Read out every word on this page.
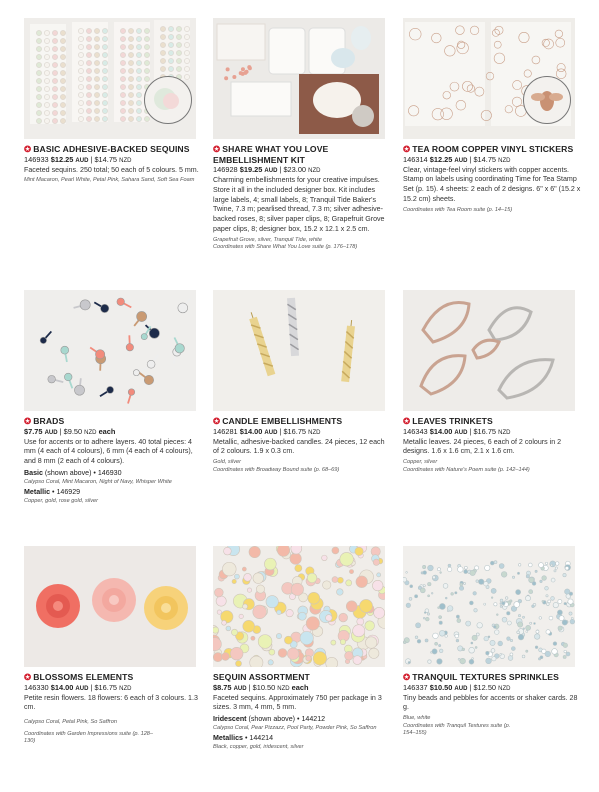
✪ BASIC ADHESIVE-BACKED SEQUINS
146933 $12.25 AUD | $14.75 NZD
Faceted sequins. 250 total; 50 each of 5 colours. 5 mm.
Mint Macaron, Pearl White, Petal Pink, Sahara Sand, Soft Sea Foam
✪ SHARE WHAT YOU LOVE EMBELLISHMENT KIT
146928 $19.25 AUD | $23.00 NZD
Charming embellishments for your creative impulses. Store it all in the included designer box. Kit includes large labels, 4; small labels, 8; Tranquil Tide Baker's Twine, 7.3 m; pearlised thread, 7.3 m; silver adhesive-backed roses, 8; silver paper clips, 8; Grapefruit Grove paper clips, 8; designer box, 15.2 x 12.1 x 2.5 cm.
Grapefruit Grove, silver, Tranquil Tide, white
Coordinates with Share What You Love suite (p. 176–178)
✪ TEA ROOM COPPER VINYL STICKERS
146314 $12.25 AUD | $14.75 NZD
Clear, vintage-feel vinyl stickers with copper accents. Stamp on labels using coordinating Time for Tea Stamp Set (p. 15). 4 sheets: 2 each of 2 designs. 6" x 6" (15.2 x 15.2 cm) sheets.
Coordinates with Tea Room suite (p. 14–15)
✪ BRADS
$7.75 AUD | $9.50 NZD each
Use for accents or to adhere layers. 40 total pieces: 4 mm (4 each of 4 colours), 6 mm (4 each of 4 colours), and 8 mm (2 each of 4 colours).
Basic (shown above) • 146930
Calypso Coral, Mint Macaron, Night of Navy, Whisper White
Metallic • 146929
Copper, gold, rose gold, silver
✪ CANDLE EMBELLISHMENTS
146281 $14.00 AUD | $16.75 NZD
Metallic, adhesive-backed candles. 24 pieces, 12 each of 2 colours. 1.9 x 0.3 cm.
Gold, silver
Coordinates with Broadway Bound suite (p. 68–69)
✪ LEAVES TRINKETS
146343 $14.00 AUD | $16.75 NZD
Metallic leaves. 24 pieces, 6 each of 2 colours in 2 designs. 1.6 x 1.6 cm, 2.1 x 1.6 cm.
Copper, silver
Coordinates with Nature's Poem suite (p. 142–144)
✪ BLOSSOMS ELEMENTS
146330 $14.00 AUD | $16.75 NZD
Petite resin flowers. 18 flowers: 6 each of 3 colours. 1.3 cm.
Calypso Coral, Petal Pink, So Saffron
Coordinates with Garden Impressions suite (p. 128–130)
SEQUIN ASSORTMENT
$8.75 AUD | $10.50 NZD each
Faceted sequins. Approximately 750 per package in 3 sizes. 3 mm, 4 mm, 5 mm.
Iridescent (shown above) • 144212
Calypso Coral, Pear Pizzazz, Pool Party, Powder Pink, So Saffron
Metallics • 144214
Black, copper, gold, iridescent, silver
✪ TRANQUIL TEXTURES SPRINKLES
146337 $10.50 AUD | $12.50 NZD
Tiny beads and pebbles for accents or shaker cards. 28 g.
Blue, white
Coordinates with Tranquil Textures suite (p. 154–155)
